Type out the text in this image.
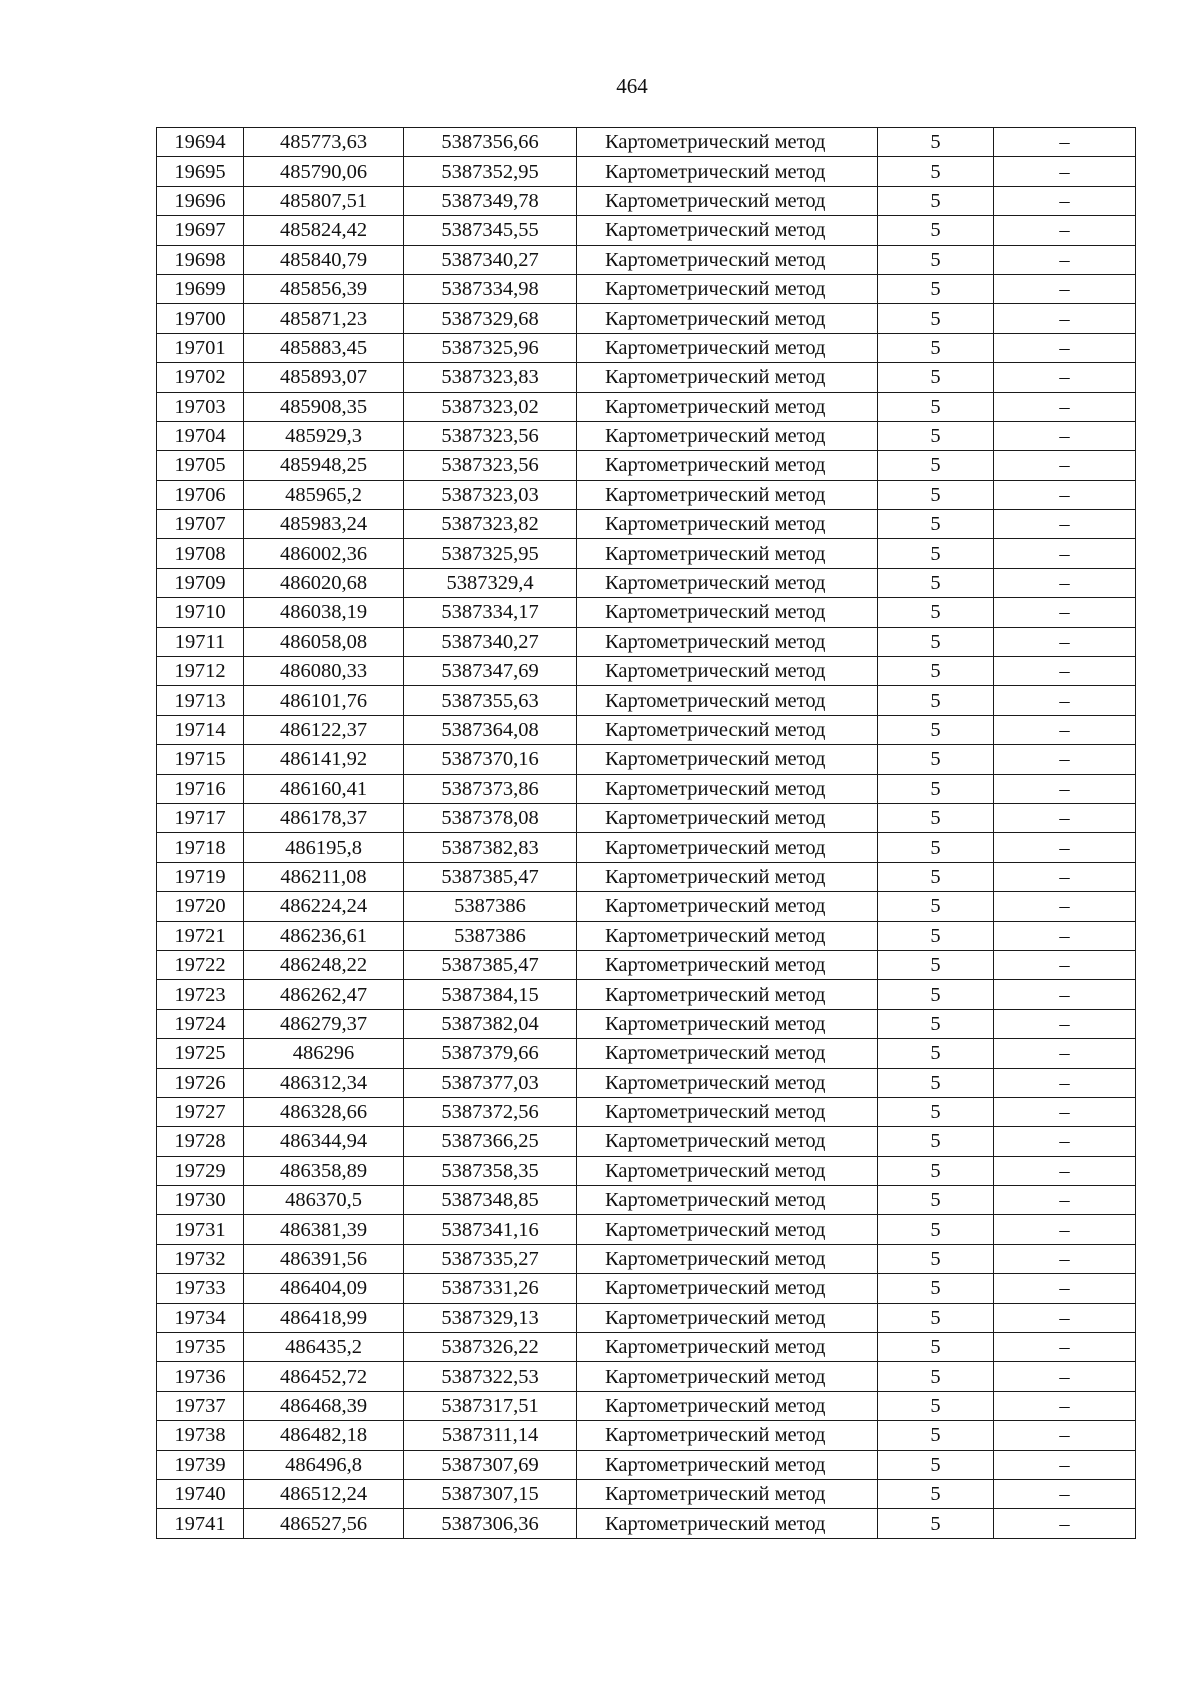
464
19694	485773,63	5387356,66	Картометрический метод	5	–
19695	485790,06	5387352,95	Картометрический метод	5	–
19696	485807,51	5387349,78	Картометрический метод	5	–
19697	485824,42	5387345,55	Картометрический метод	5	–
19698	485840,79	5387340,27	Картометрический метод	5	–
19699	485856,39	5387334,98	Картометрический метод	5	–
19700	485871,23	5387329,68	Картометрический метод	5	–
19701	485883,45	5387325,96	Картометрический метод	5	–
19702	485893,07	5387323,83	Картометрический метод	5	–
19703	485908,35	5387323,02	Картометрический метод	5	–
19704	485929,3	5387323,56	Картометрический метод	5	–
19705	485948,25	5387323,56	Картометрический метод	5	–
19706	485965,2	5387323,03	Картометрический метод	5	–
19707	485983,24	5387323,82	Картометрический метод	5	–
19708	486002,36	5387325,95	Картометрический метод	5	–
19709	486020,68	5387329,4	Картометрический метод	5	–
19710	486038,19	5387334,17	Картометрический метод	5	–
19711	486058,08	5387340,27	Картометрический метод	5	–
19712	486080,33	5387347,69	Картометрический метод	5	–
19713	486101,76	5387355,63	Картометрический метод	5	–
19714	486122,37	5387364,08	Картометрический метод	5	–
19715	486141,92	5387370,16	Картометрический метод	5	–
19716	486160,41	5387373,86	Картометрический метод	5	–
19717	486178,37	5387378,08	Картометрический метод	5	–
19718	486195,8	5387382,83	Картометрический метод	5	–
19719	486211,08	5387385,47	Картометрический метод	5	–
19720	486224,24	5387386	Картометрический метод	5	–
19721	486236,61	5387386	Картометрический метод	5	–
19722	486248,22	5387385,47	Картометрический метод	5	–
19723	486262,47	5387384,15	Картометрический метод	5	–
19724	486279,37	5387382,04	Картометрический метод	5	–
19725	486296	5387379,66	Картометрический метод	5	–
19726	486312,34	5387377,03	Картометрический метод	5	–
19727	486328,66	5387372,56	Картометрический метод	5	–
19728	486344,94	5387366,25	Картометрический метод	5	–
19729	486358,89	5387358,35	Картометрический метод	5	–
19730	486370,5	5387348,85	Картометрический метод	5	–
19731	486381,39	5387341,16	Картометрический метод	5	–
19732	486391,56	5387335,27	Картометрический метод	5	–
19733	486404,09	5387331,26	Картометрический метод	5	–
19734	486418,99	5387329,13	Картометрический метод	5	–
19735	486435,2	5387326,22	Картометрический метод	5	–
19736	486452,72	5387322,53	Картометрический метод	5	–
19737	486468,39	5387317,51	Картометрический метод	5	–
19738	486482,18	5387311,14	Картометрический метод	5	–
19739	486496,8	5387307,69	Картометрический метод	5	–
19740	486512,24	5387307,15	Картометрический метод	5	–
19741	486527,56	5387306,36	Картометрический метод	5	–
